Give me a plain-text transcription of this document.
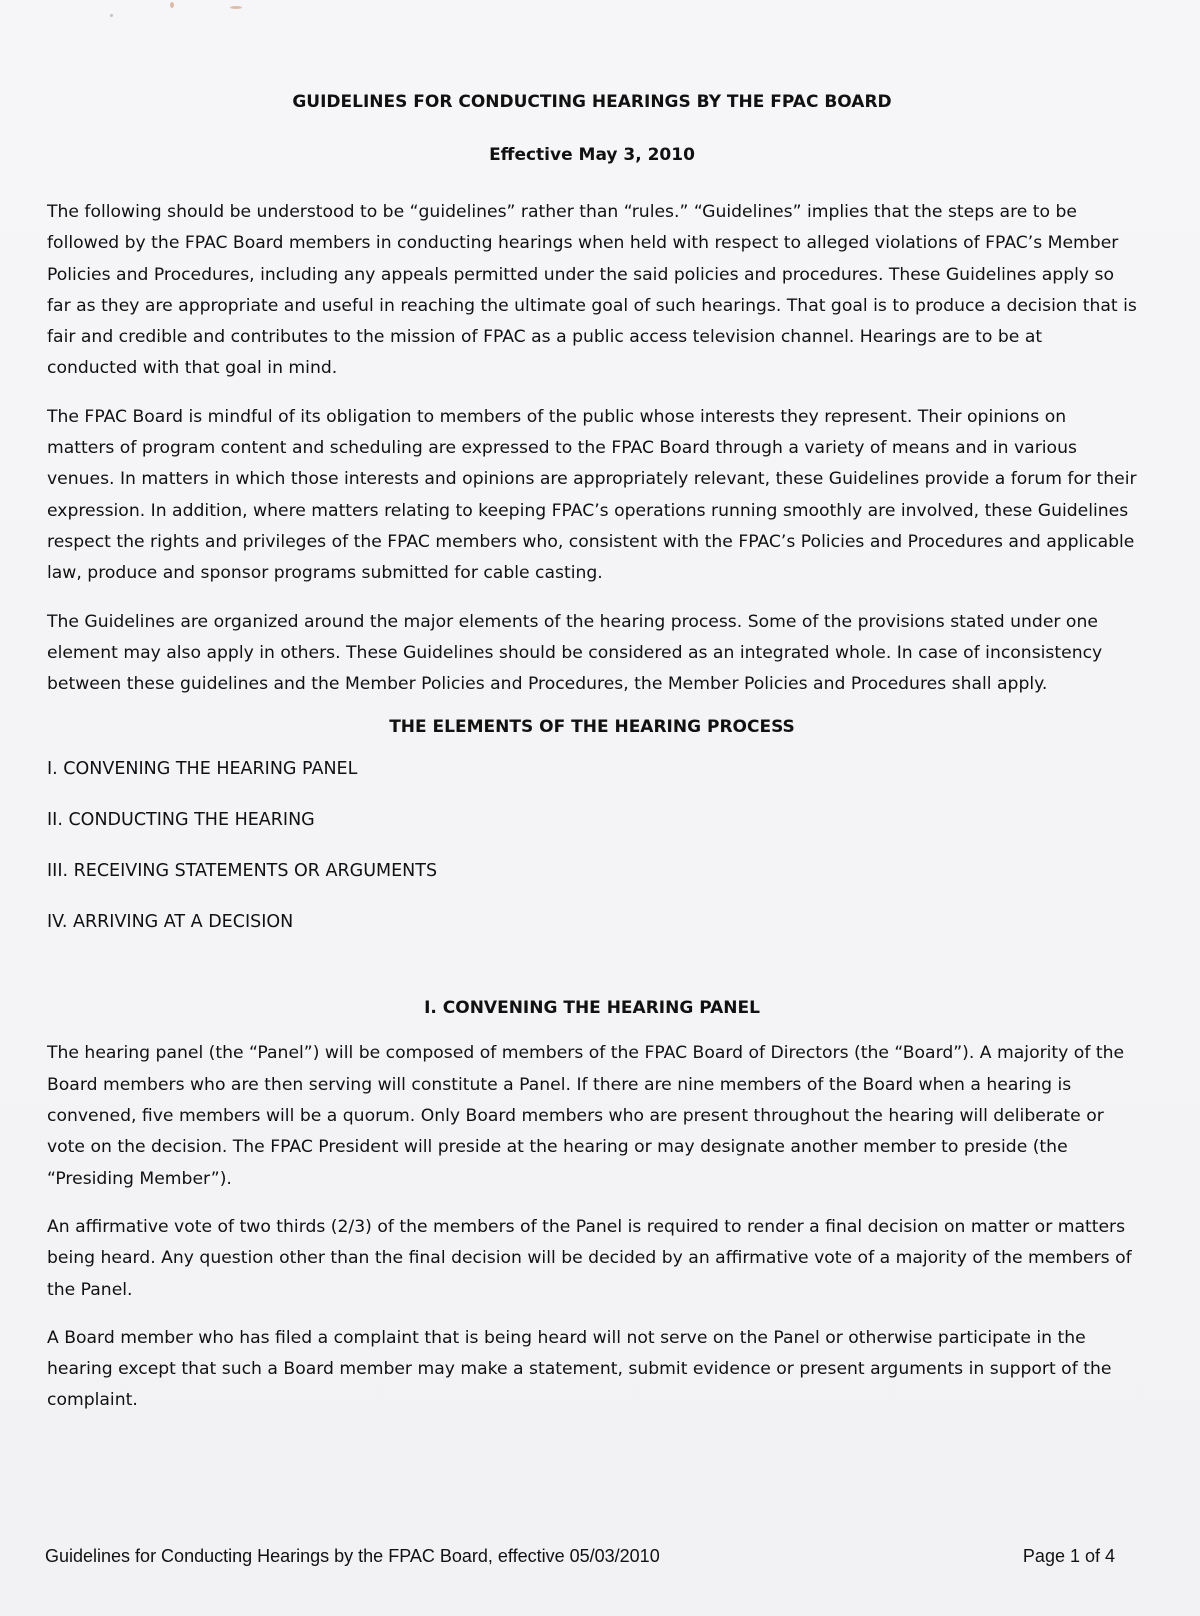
GUIDELINES FOR CONDUCTING HEARINGS BY THE FPAC BOARD
Effective May 3, 2010

The following should be understood to be “guidelines” rather than “rules.” “Guidelines” implies that the steps are to be followed by the FPAC Board members in conducting hearings when held with respect to alleged violations of FPAC’s Member Policies and Procedures, including any appeals permitted under the said policies and procedures. These Guidelines apply so far as they are appropriate and useful in reaching the ultimate goal of such hearings. That goal is to produce a decision that is fair and credible and contributes to the mission of FPAC as a public access television channel. Hearings are to be at conducted with that goal in mind.

The FPAC Board is mindful of its obligation to members of the public whose interests they represent. Their opinions on matters of program content and scheduling are expressed to the FPAC Board through a variety of means and in various venues. In matters in which those interests and opinions are appropriately relevant, these Guidelines provide a forum for their expression. In addition, where matters relating to keeping FPAC’s operations running smoothly are involved, these Guidelines respect the rights and privileges of the FPAC members who, consistent with the FPAC’s Policies and Procedures and applicable law, produce and sponsor programs submitted for cable casting.

The Guidelines are organized around the major elements of the hearing process. Some of the provisions stated under one element may also apply in others. These Guidelines should be considered as an integrated whole. In case of inconsistency between these guidelines and the Member Policies and Procedures, the Member Policies and Procedures shall apply.

THE ELEMENTS OF THE HEARING PROCESS
I. CONVENING THE HEARING PANEL
II. CONDUCTING THE HEARING
III. RECEIVING STATEMENTS OR ARGUMENTS
IV. ARRIVING AT A DECISION
I. CONVENING THE HEARING PANEL

The hearing panel (the “Panel”) will be composed of members of the FPAC Board of Directors (the “Board”). A majority of the Board members who are then serving will constitute a Panel. If there are nine members of the Board when a hearing is convened, five members will be a quorum. Only Board members who are present throughout the hearing will deliberate or vote on the decision. The FPAC President will preside at the hearing or may designate another member to preside (the “Presiding Member”).

An affirmative vote of two thirds (2/3) of the members of the Panel is required to render a final decision on matter or matters being heard. Any question other than the final decision will be decided by an affirmative vote of a majority of the members of the Panel.

A Board member who has filed a complaint that is being heard will not serve on the Panel or otherwise participate in the hearing except that such a Board member may make a statement, submit evidence or present arguments in support of the complaint.

Guidelines for Conducting Hearings by the FPAC Board, effective 05/03/2010	Page 1 of 4
